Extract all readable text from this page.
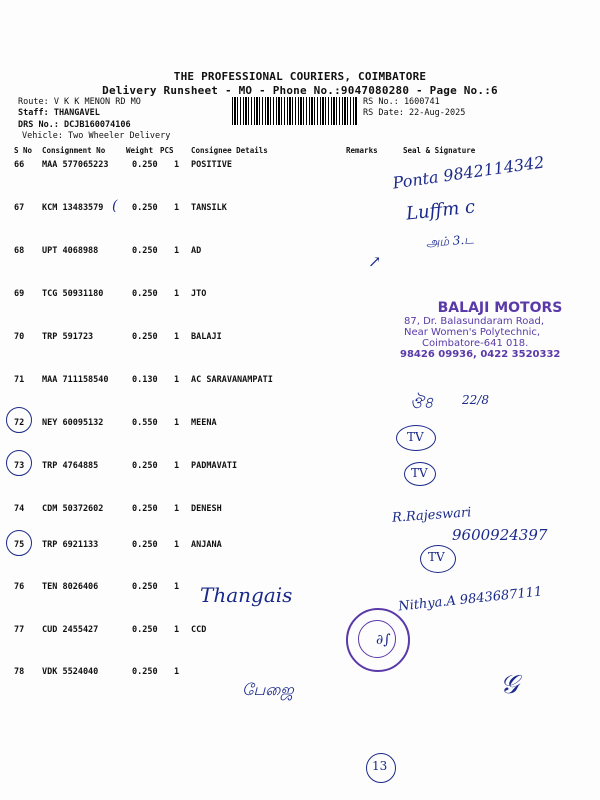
THE PROFESSIONAL COURIERS, COIMBATORE
Delivery Runsheet - MO - Phone No.:9047080280 - Page No.:6
Route: V K K MENON RD MO
Staff: THANGAVEL
DRS No.: DCJB160074106
Vehicle: Two Wheeler Delivery
RS No.: 1600741
RS Date: 22-Aug-2025
S No Consignment No	Weight PCS Consignee Details	Remarks	Seal & Signature
66 MAA 577065223	0.250 1 POSITIVE
67 KCM 13483579	0.250 1 TANSILK
68 UPT 4068988	0.250 1 AD
69 TCG 50931180	0.250 1 JTO
70 TRP 591723	0.250 1 BALAJI
71 MAA 711158540	0.130 1 AC SARAVANAMPATI
72 NEY 60095132	0.550 1 MEENA
73 TRP 4764885	0.250 1 PADMAVATI
74 CDM 50372602	0.250 1 DENESH
75 TRP 6921133	0.250 1 ANJANA
76 TEN 8026406	0.250 1
77 CUD 2455427	0.250 1 CCD
78 VDK 5524040	0.250 1
(
Ponta 9842114342
Luffm c
அம் 3.ட
↗
BALAJI MOTORS
87, Dr. Balasundaram Road,
Near Women's Polytechnic,
Coimbatore-641 018.
98426 09936, 0422 3520332
ঔ৪ 22/8
TV
TV
R.Rajeswari
9600924397
TV
Thangais	Nithya.A 9843687111
∂∫
பேஜை	𝒢
13
